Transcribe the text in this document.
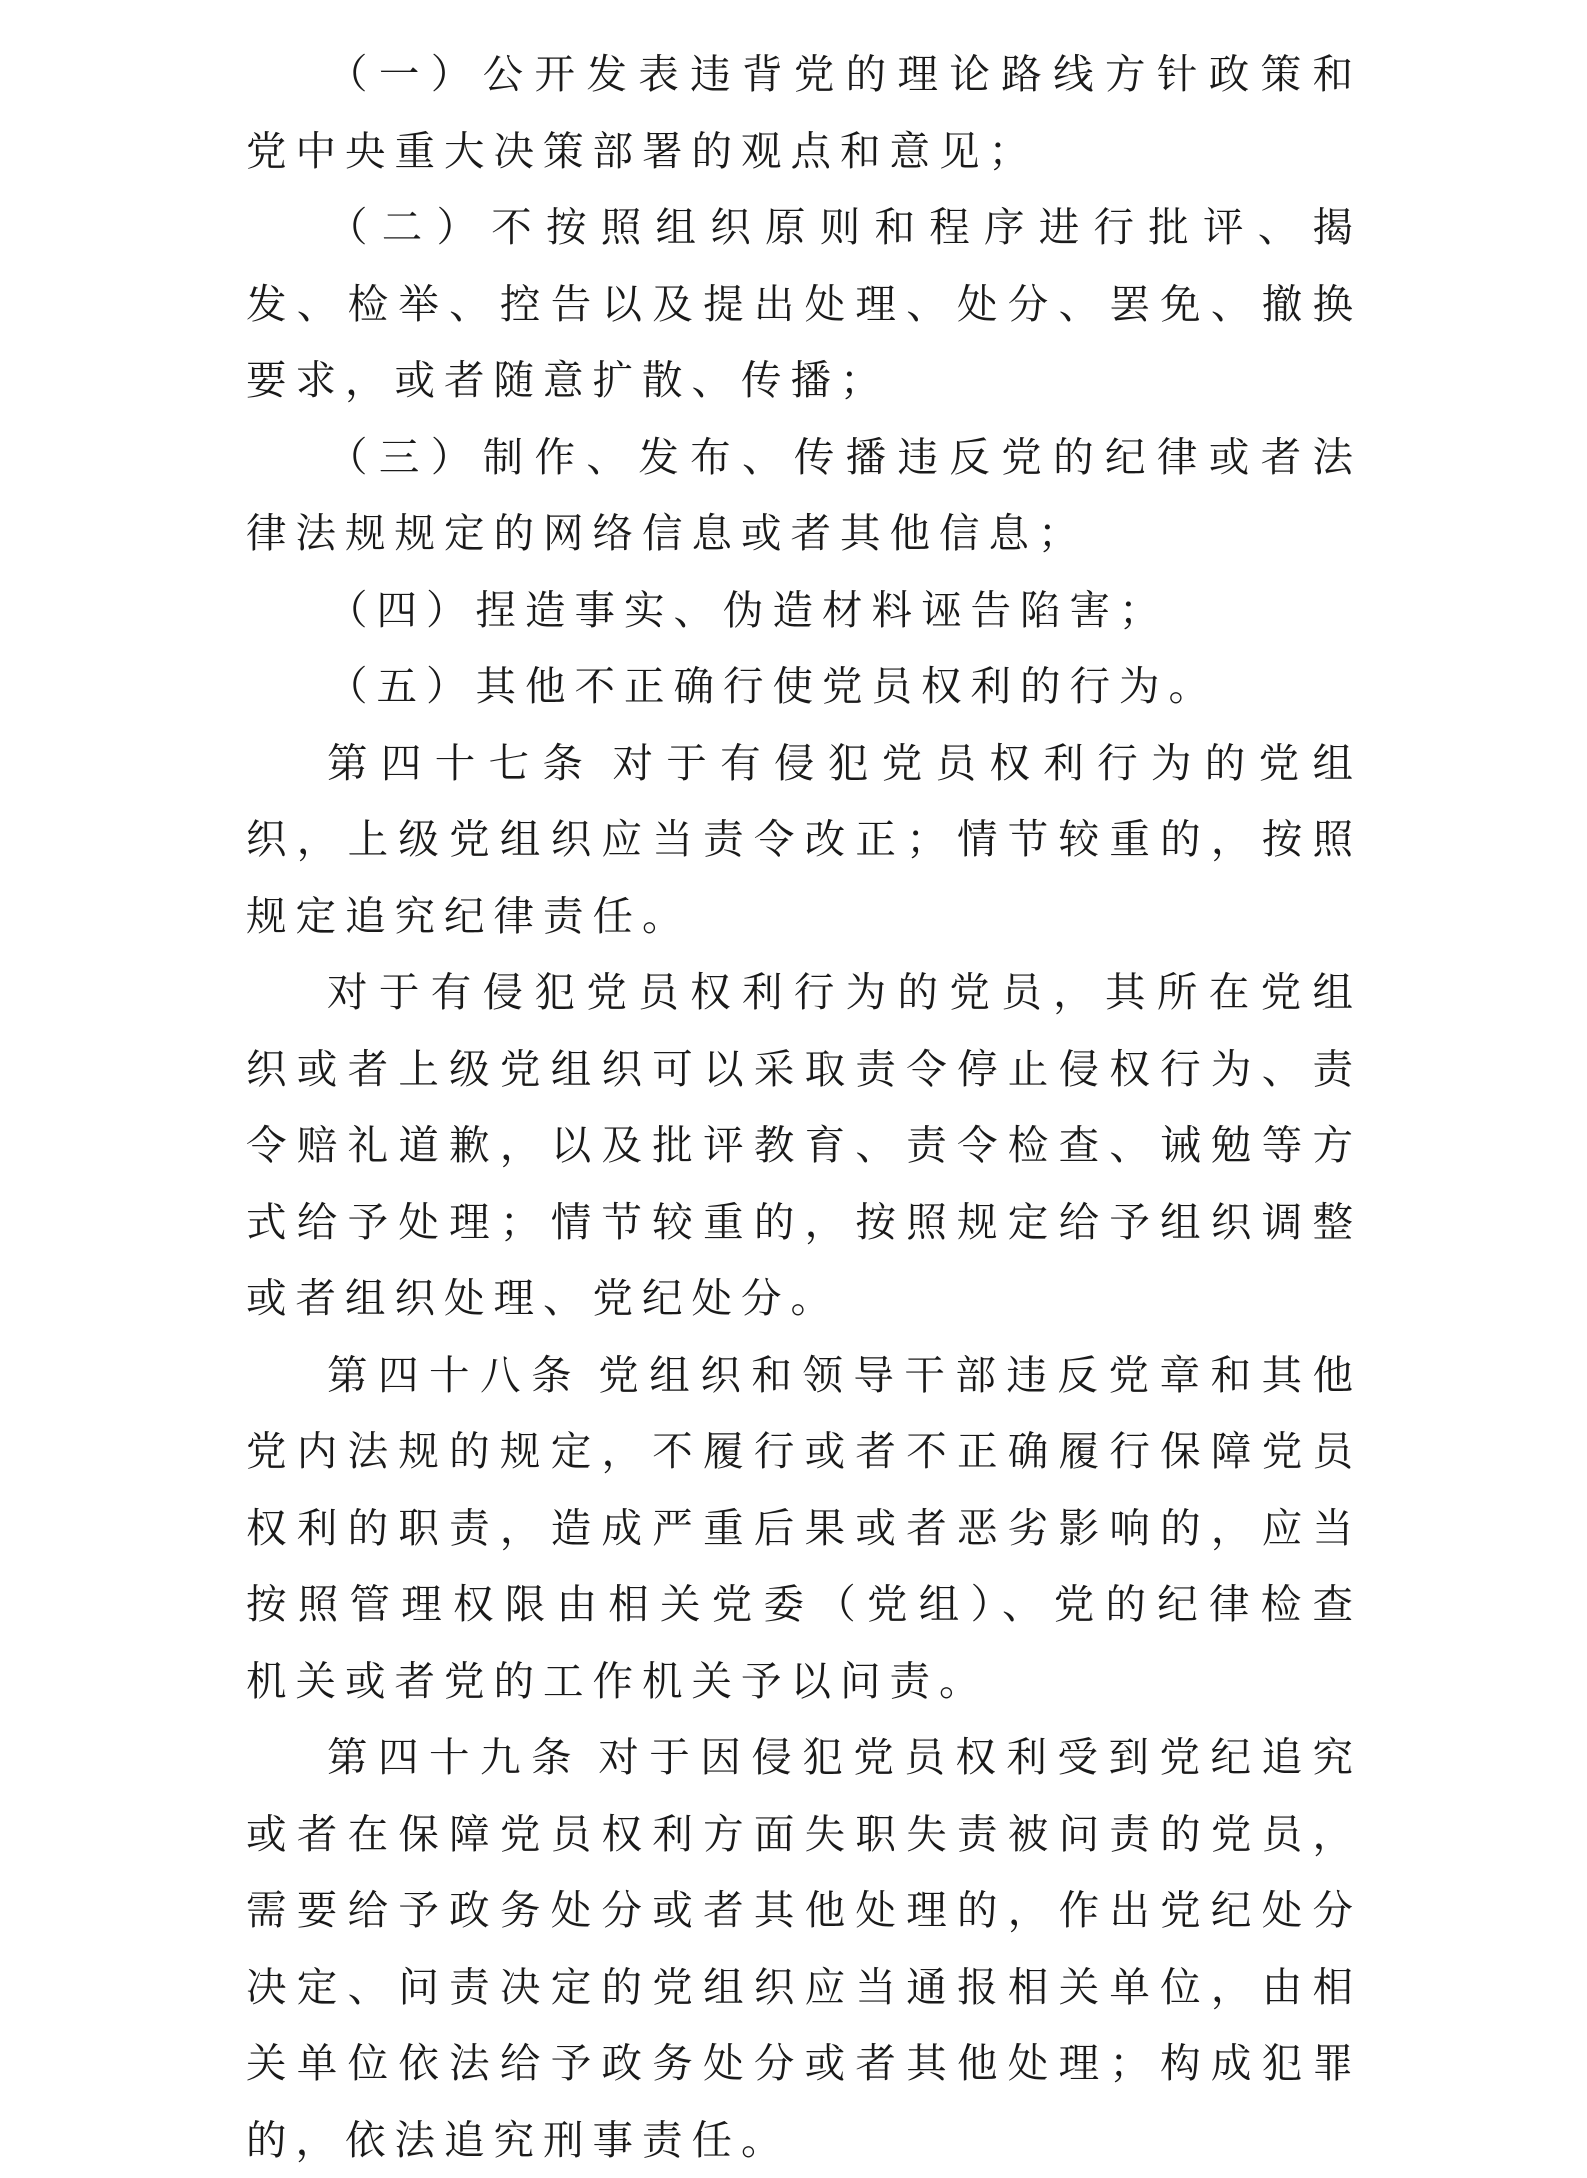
（一）公开发表违背党的理论路线方针政策和党中央重大决策部署的观点和意见；

（二）不按照组织原则和程序进行批评、揭发、检举、控告以及提出处理、处分、罢免、撤换要求，或者随意扩散、传播；

（三）制作、发布、传播违反党的纪律或者法律法规规定的网络信息或者其他信息；

（四）捏造事实、伪造材料诬告陷害；

（五）其他不正确行使党员权利的行为。

第四十七条 对于有侵犯党员权利行为的党组织，上级党组织应当责令改正；情节较重的，按照规定追究纪律责任。

对于有侵犯党员权利行为的党员，其所在党组织或者上级党组织可以采取责令停止侵权行为、责令赔礼道歉，以及批评教育、责令检查、诫勉等方式给予处理；情节较重的，按照规定给予组织调整或者组织处理、党纪处分。

第四十八条 党组织和领导干部违反党章和其他党内法规的规定，不履行或者不正确履行保障党员权利的职责，造成严重后果或者恶劣影响的，应当按照管理权限由相关党委（党组）、党的纪律检查机关或者党的工作机关予以问责。

第四十九条 对于因侵犯党员权利受到党纪追究或者在保障党员权利方面失职失责被问责的党员，需要给予政务处分或者其他处理的，作出党纪处分决定、问责决定的党组织应当通报相关单位，由相关单位依法给予政务处分或者其他处理；构成犯罪的，依法追究刑事责任。
